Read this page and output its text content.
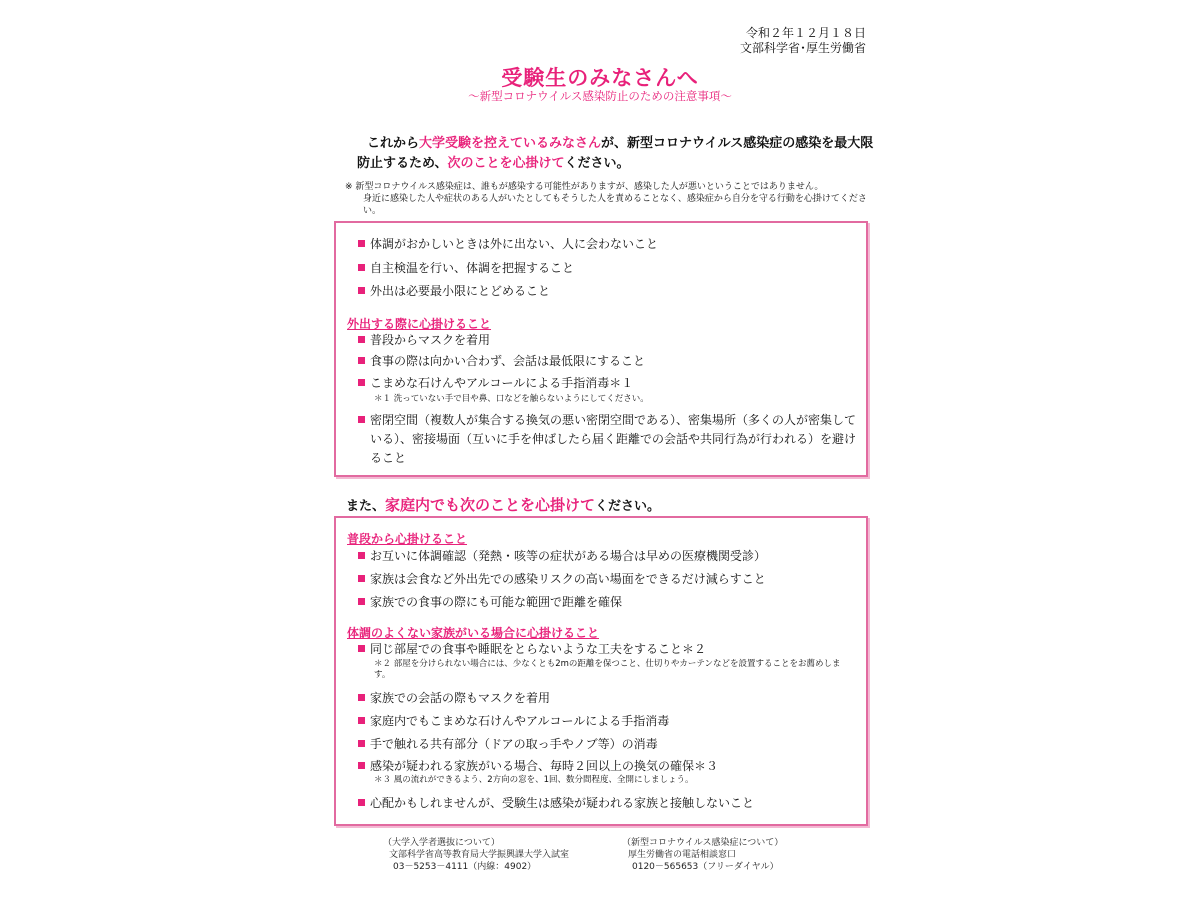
令和２年１２月１８日
文部科学省･厚生労働省
受験生のみなさんへ
～新型コロナウイルス感染防止のための注意事項～
これから大学受験を控えているみなさんが、新型コロナウイルス感染症の感染を最大限防止するため、次のことを心掛けてください。
※ 新型コロナウイルス感染症は、誰もが感染する可能性がありますが、感染した人が悪いということではありません。
身近に感染した人や症状のある人がいたとしてもそうした人を責めることなく、感染症から自分を守る行動を心掛けてください。
体調がおかしいときは外に出ない、人に会わないこと
自主検温を行い、体調を把握すること
外出は必要最小限にとどめること
外出する際に心掛けること
普段からマスクを着用
食事の際は向かい合わず、会話は最低限にすること
こまめな石けんやアルコールによる手指消毒＊１
＊１ 洗っていない手で目や鼻、口などを触らないようにしてください。
密閉空間（複数人が集合する換気の悪い密閉空間である）、密集場所（多くの人が密集している）、密接場面（互いに手を伸ばしたら届く距離での会話や共同行為が行われる）を避けること
また、家庭内でも次のことを心掛けてください。
普段から心掛けること
お互いに体調確認（発熱・咳等の症状がある場合は早めの医療機関受診）
家族は会食など外出先での感染リスクの高い場面をできるだけ減らすこと
家族での食事の際にも可能な範囲で距離を確保
体調のよくない家族がいる場合に心掛けること
同じ部屋での食事や睡眠をとらないような工夫をすること＊２
＊２ 部屋を分けられない場合には、少なくとも2mの距離を保つこと、仕切りやカーテンなどを設置することをお薦めします。
家族での会話の際もマスクを着用
家庭内でもこまめな石けんやアルコールによる手指消毒
手で触れる共有部分（ドアの取っ手やノブ等）の消毒
感染が疑われる家族がいる場合、毎時２回以上の換気の確保＊３
＊３ 風の流れができるよう、2方向の窓を、1回、数分間程度、全開にしましょう。
心配かもしれませんが、受験生は感染が疑われる家族と接触しないこと
（大学入学者選抜について）
文部科学省高等教育局大学振興課大学入試室
03－5253－4111（内線：4902）
（新型コロナウイルス感染症について）
厚生労働省の電話相談窓口
0120－565653（フリーダイヤル）
